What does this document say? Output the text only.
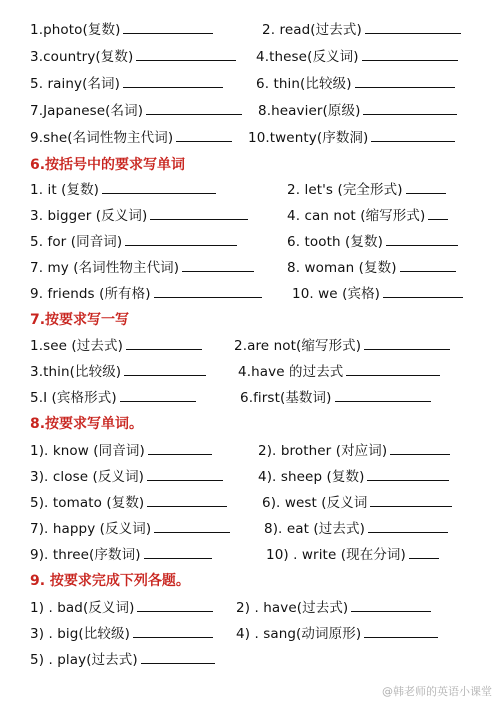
1.photo(复数)	2. read(过去式)
3.country(复数)	4.these(反义词)
5. rainy(名词)	6. thin(比较级)
7.Japanese(名词)	8.heavier(原级)
9.she(名词性物主代词)	10.twenty(序数洞)
6.按括号中的要求写单词
1. it (复数)	2. let's (完全形式)
3. bigger (反义词)	4. can not (缩写形式)
5. for (同音词)	6. tooth (复数)
7. my (名词性物主代词)	8. woman (复数)
9. friends (所有格)	10. we (宾格)
7.按要求写一写
1.see (过去式)	2.are not(缩写形式)
3.thin(比较级)	4.have 的过去式
5.I (宾格形式)	6.first(基数词)
8.按要求写单词。
1). know (同音词)	2). brother (对应词)
3). close (反义词)	4). sheep (复数)
5). tomato (复数)	6). west (反义词
7). happy (反义词)	8). eat (过去式)
9). three(序数词)	10) . write (现在分词)
9. 按要求完成下列各题。
1) . bad(反义词)	2) . have(过去式)
3) . big(比较级)	4) . sang(动词原形)
5) . play(过去式)
@韩老师的英语小课堂
